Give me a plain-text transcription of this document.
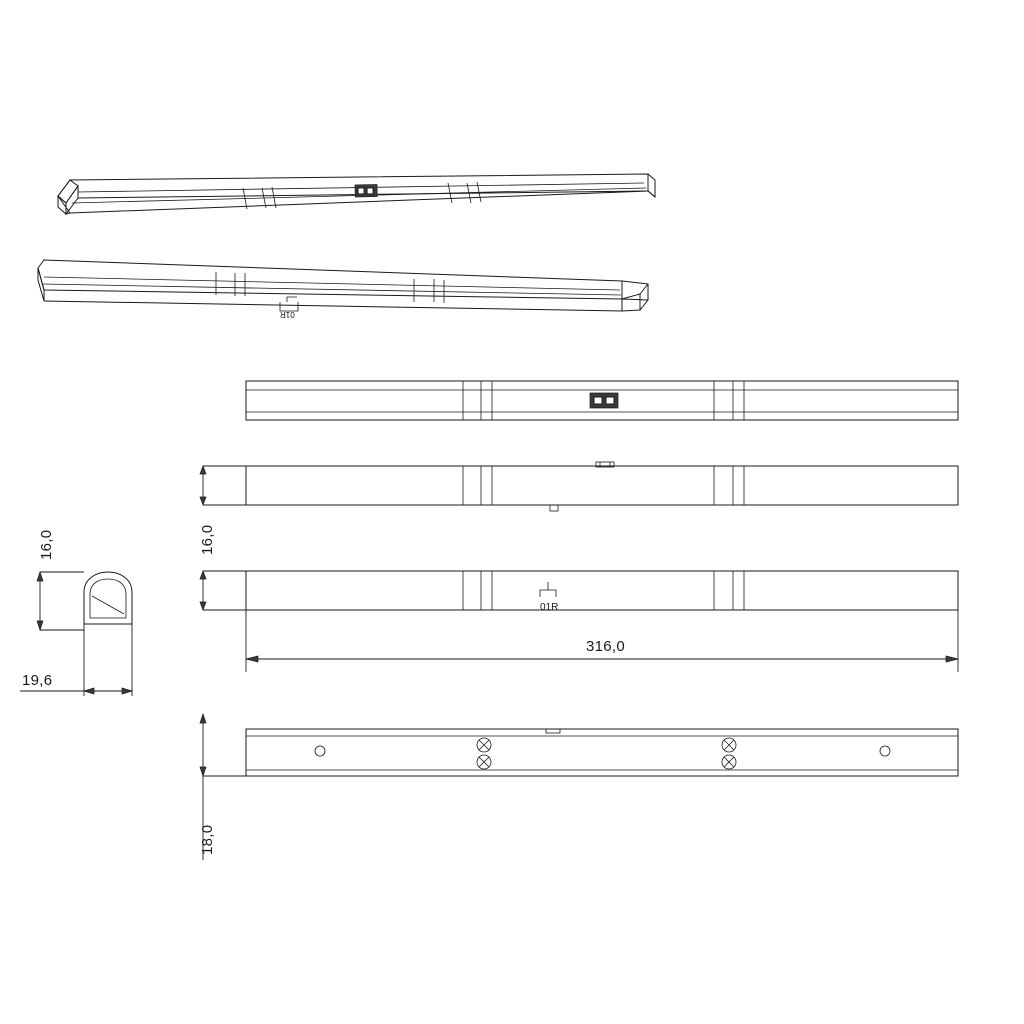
316,0
16,0	16,0
19,6
18,0
01R
01R
